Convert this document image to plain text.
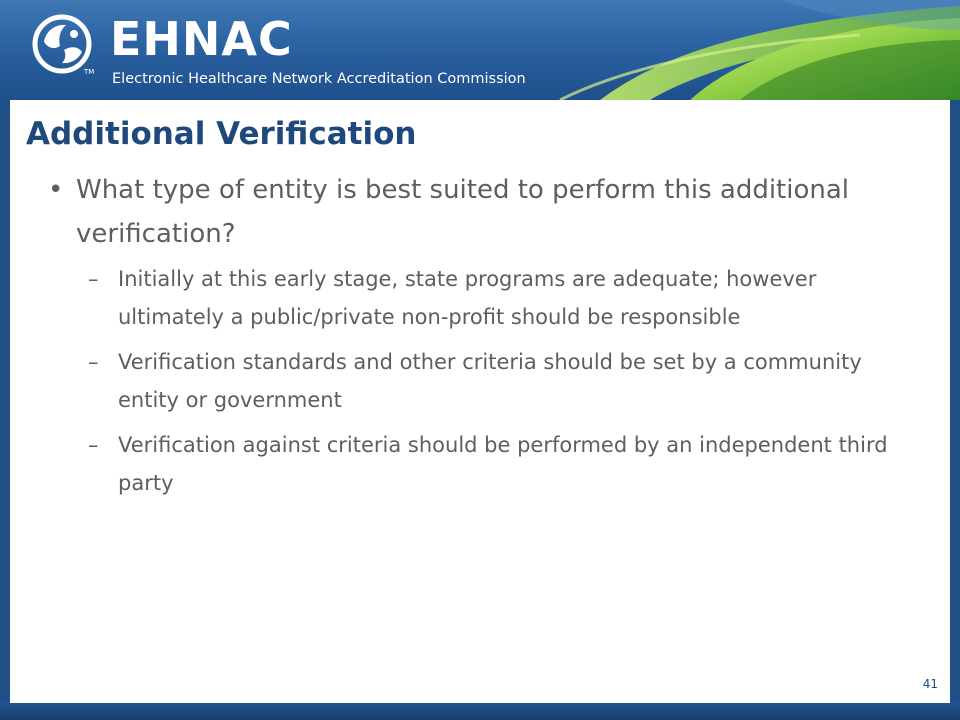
TM
EHNAC
Electronic Healthcare Network Accreditation Commission
Additional Verification
• What type of entity is best suited to perform this additional verification?
– Initially at this early stage, state programs are adequate; however ultimately a public/private non-profit should be responsible
– Verification standards and other criteria should be set by a community entity or government
– Verification against criteria should be performed by an independent third party
41
